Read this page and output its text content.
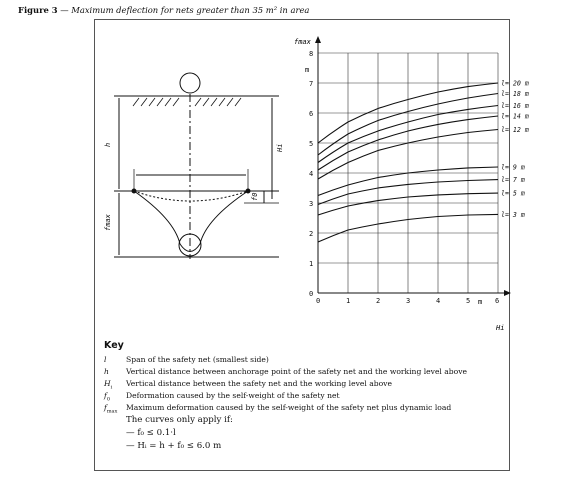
Figure 3 — Maximum deflection for nets greater than 35 m² in area
h
fmax
Hi
f0
l= 20 m
l= 18 m
l= 16 m
l= 14 m
l= 12 m
l= 9 m
l= 7 m
l= 5 m
l= 3 m
0	1	2	3	4	5	6
0
1
2
3
4
5
6
7
8
fmax
m
m
Hi
Key
l	Span of the safety net (smallest side)
h Vertical distance between anchorage point of the safety net and the working level above
$H_i$ Vertical distance between the safety net and the working level above
$f_0$ Deformation caused by the self-weight of the safety net
$f_{max}$ Maximum deformation caused by the self-weight of the safety net plus dynamic load
The curves only apply if:
— f₀ ≤ 0.1·l
— Hᵢ = h + f₀ ≤ 6.0 m
